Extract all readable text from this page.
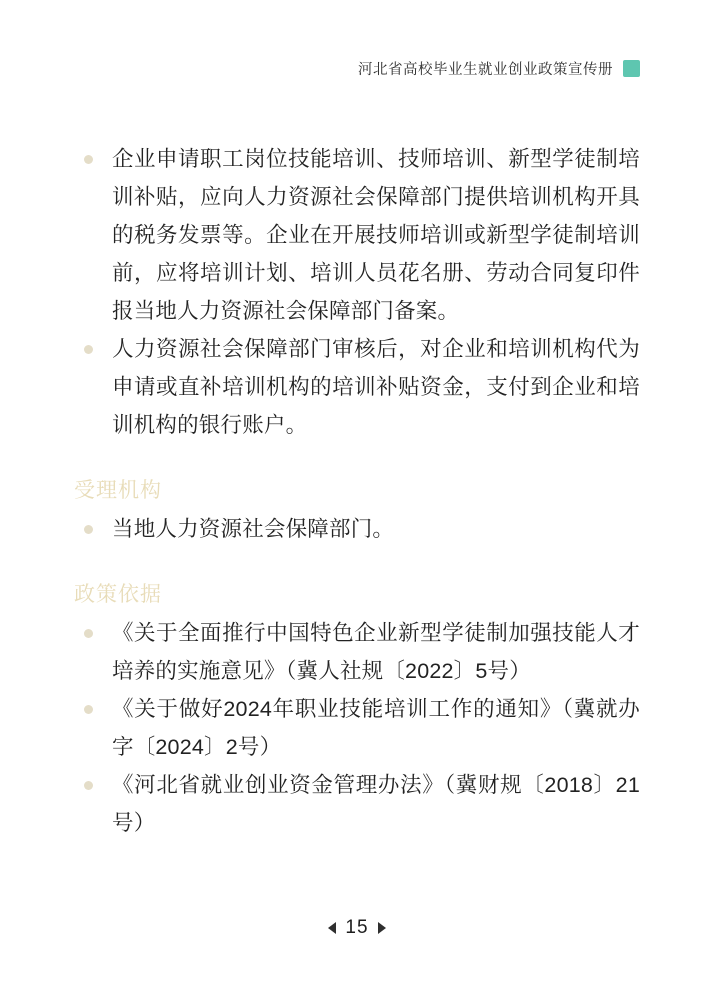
河北省高校毕业生就业创业政策宣传册
企业申请职工岗位技能培训、技师培训、新型学徒制培训补贴，应向人力资源社会保障部门提供培训机构开具的税务发票等。企业在开展技师培训或新型学徒制培训前，应将培训计划、培训人员花名册、劳动合同复印件报当地人力资源社会保障部门备案。
人力资源社会保障部门审核后，对企业和培训机构代为申请或直补培训机构的培训补贴资金，支付到企业和培训机构的银行账户。
受理机构
当地人力资源社会保障部门。
政策依据
《关于全面推行中国特色企业新型学徒制加强技能人才培养的实施意见》（冀人社规〔2022〕5号）
《关于做好2024年职业技能培训工作的通知》（冀就办字〔2024〕2号）
《河北省就业创业资金管理办法》（冀财规〔2018〕21号）
15
